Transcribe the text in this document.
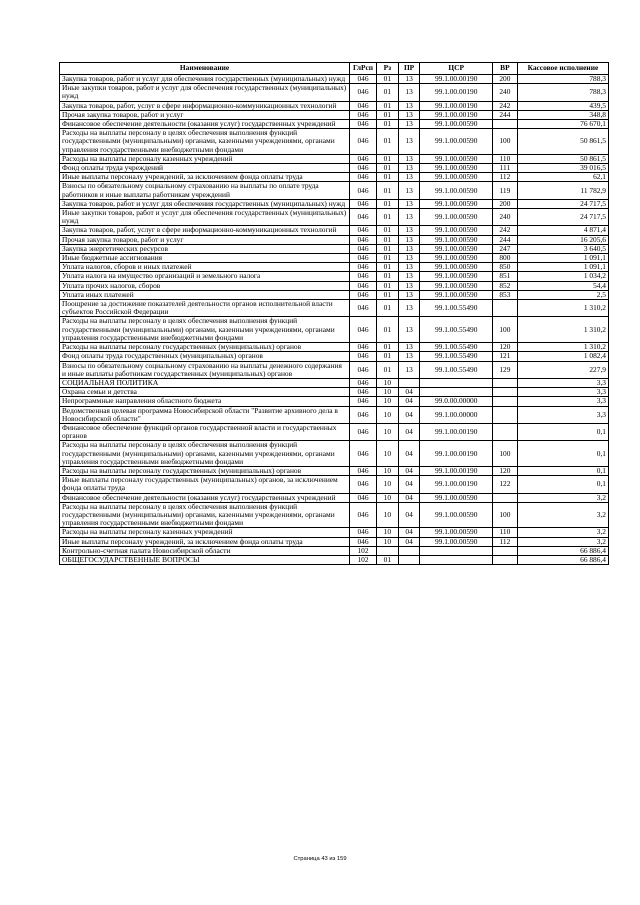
Наименование	ГлРсп	Рз	ПР	ЦСР	ВР	Кассовое исполнение
Закупка товаров, работ и услуг для обеспечения государственных (муниципальных) нужд	046	01	13	99.1.00.00190	200	788,3
Иные закупки товаров, работ и услуг для обеспечения государственных (муниципальных) нужд	046	01	13	99.1.00.00190	240	788,3
Закупка товаров, работ, услуг в сфере информационно-коммуникационных технологий	046	01	13	99.1.00.00190	242	439,5
Прочая закупка товаров, работ и услуг	046	01	13	99.1.00.00190	244	348,8
Финансовое обеспечение деятельности (оказания услуг) государственных учреждений	046	01	13	99.1.00.00590		76 670,1
Расходы на выплаты персоналу в целях обеспечения выполнения функций государственными (муниципальными) органами, казенными учреждениями, органами управления государственными внебюджетными фондами	046	01	13	99.1.00.00590	100	50 861,5
Расходы на выплаты персоналу казенных учреждений	046	01	13	99.1.00.00590	110	50 861,5
Фонд оплаты труда учреждений	046	01	13	99.1.00.00590	111	39 016,5
Иные выплаты персоналу учреждений, за исключением фонда оплаты труда	046	01	13	99.1.00.00590	112	62,1
Взносы по обязательному социальному страхованию на выплаты по оплате труда работников и иные выплаты работникам учреждений	046	01	13	99.1.00.00590	119	11 782,9
Закупка товаров, работ и услуг для обеспечения государственных (муниципальных) нужд	046	01	13	99.1.00.00590	200	24 717,5
Иные закупки товаров, работ и услуг для обеспечения государственных (муниципальных) нужд	046	01	13	99.1.00.00590	240	24 717,5
Закупка товаров, работ, услуг в сфере информационно-коммуникационных технологий	046	01	13	99.1.00.00590	242	4 871,4
Прочая закупка товаров, работ и услуг	046	01	13	99.1.00.00590	244	16 205,6
Закупка энергетических ресурсов	046	01	13	99.1.00.00590	247	3 640,5
Иные бюджетные ассигнования	046	01	13	99.1.00.00590	800	1 091,1
Уплата налогов, сборов и иных платежей	046	01	13	99.1.00.00590	850	1 091,1
Уплата налога на имущество организаций и земельного налога	046	01	13	99.1.00.00590	851	1 034,2
Уплата прочих налогов, сборов	046	01	13	99.1.00.00590	852	54,4
Уплата иных платежей	046	01	13	99.1.00.00590	853	2,5
Поощрение за достижение показателей деятельности органов исполнительной власти субъектов Российской Федерации	046	01	13	99.1.00.55490		1 310,2
Расходы на выплаты персоналу в целях обеспечения выполнения функций государственными (муниципальными) органами, казенными учреждениями, органами управления государственными внебюджетными фондами	046	01	13	99.1.00.55490	100	1 310,2
Расходы на выплаты персоналу государственных (муниципальных) органов	046	01	13	99.1.00.55490	120	1 310,2
Фонд оплаты труда государственных (муниципальных) органов	046	01	13	99.1.00.55490	121	1 082,4
Взносы по обязательному социальному страхованию на выплаты денежного содержания и иные выплаты работникам государственных (муниципальных) органов	046	01	13	99.1.00.55490	129	227,9
СОЦИАЛЬНАЯ ПОЛИТИКА	046	10				3,3
Охрана семьи и детства	046	10	04			3,3
Непрограммные направления областного бюджета	046	10	04	99.0.00.00000		3,3
Ведомственная целевая программа Новосибирской области "Развитие архивного дела в Новосибирской области"	046	10	04	99.1.00.00000		3,3
Финансовое обеспечение функций органов государственной власти и государственных органов	046	10	04	99.1.00.00190		0,1
Расходы на выплаты персоналу в целях обеспечения выполнения функций государственными (муниципальными) органами, казенными учреждениями, органами управления государственными внебюджетными фондами	046	10	04	99.1.00.00190	100	0,1
Расходы на выплаты персоналу государственных (муниципальных) органов	046	10	04	99.1.00.00190	120	0,1
Иные выплаты персоналу государственных (муниципальных) органов, за исключением фонда оплаты труда	046	10	04	99.1.00.00190	122	0,1
Финансовое обеспечение деятельности (оказания услуг) государственных учреждений	046	10	04	99.1.00.00590		3,2
Расходы на выплаты персоналу в целях обеспечения выполнения функций государственными (муниципальными) органами, казенными учреждениями, органами управления государственными внебюджетными фондами	046	10	04	99.1.00.00590	100	3,2
Расходы на выплаты персоналу казенных учреждений	046	10	04	99.1.00.00590	110	3,2
Иные выплаты персоналу учреждений, за исключением фонда оплаты труда	046	10	04	99.1.00.00590	112	3,2
Контрольно-счетная палата Новосибирской области	102					66 886,4
ОБЩЕГОСУДАРСТВЕННЫЕ ВОПРОСЫ	102	01				66 886,4
Страница 43 из 159
